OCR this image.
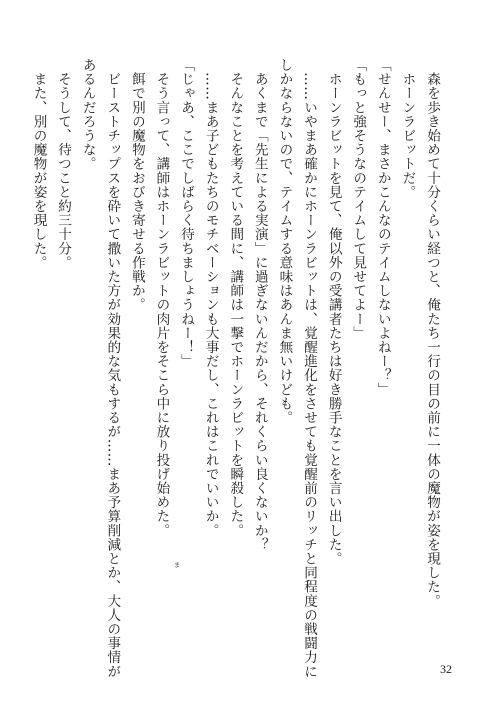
　森を歩き始めて十分くらい経つと、俺たち一行の目の前に一体の魔物が姿を現した。
　ホーンラビットだ。
「せんせー、まさかこんなのテイムしないよねー？」
「もっと強そうなのテイムして見せてよー」
　ホーンラビットを見て、俺以外の受講者たちは好き勝手なことを言い出した。
　……いやまあ確かにホーンラビットは、覚醒進化をさせても覚醒前のリッチと同程度の戦闘力に
しかならないので、テイムする意味はあんま無いけども。
　あくまで「先生による実演」に過ぎないんだから、それくらい良くないか？
　そんなことを考えている間に、講師は一撃でホーンラビットを瞬殺した。
　……まあ子どもたちのモチベーションも大事だし、これはこれでいいか。
「じゃあ、ここでしばらく待ちましょうねー！」
　そう言って、講師はホーンラビットの肉片をそこら中に放り投げ始めた。
　餌で別の魔物をおびき寄せる作戦か。
　ビーストチップスを砕いて撒いた方が効果的な気もするが……まあ予算削減とか、大人の事情が
あるんだろうな。
　そうして、待つこと約三十分。
　また、別の魔物が姿を現した。
ま
32
